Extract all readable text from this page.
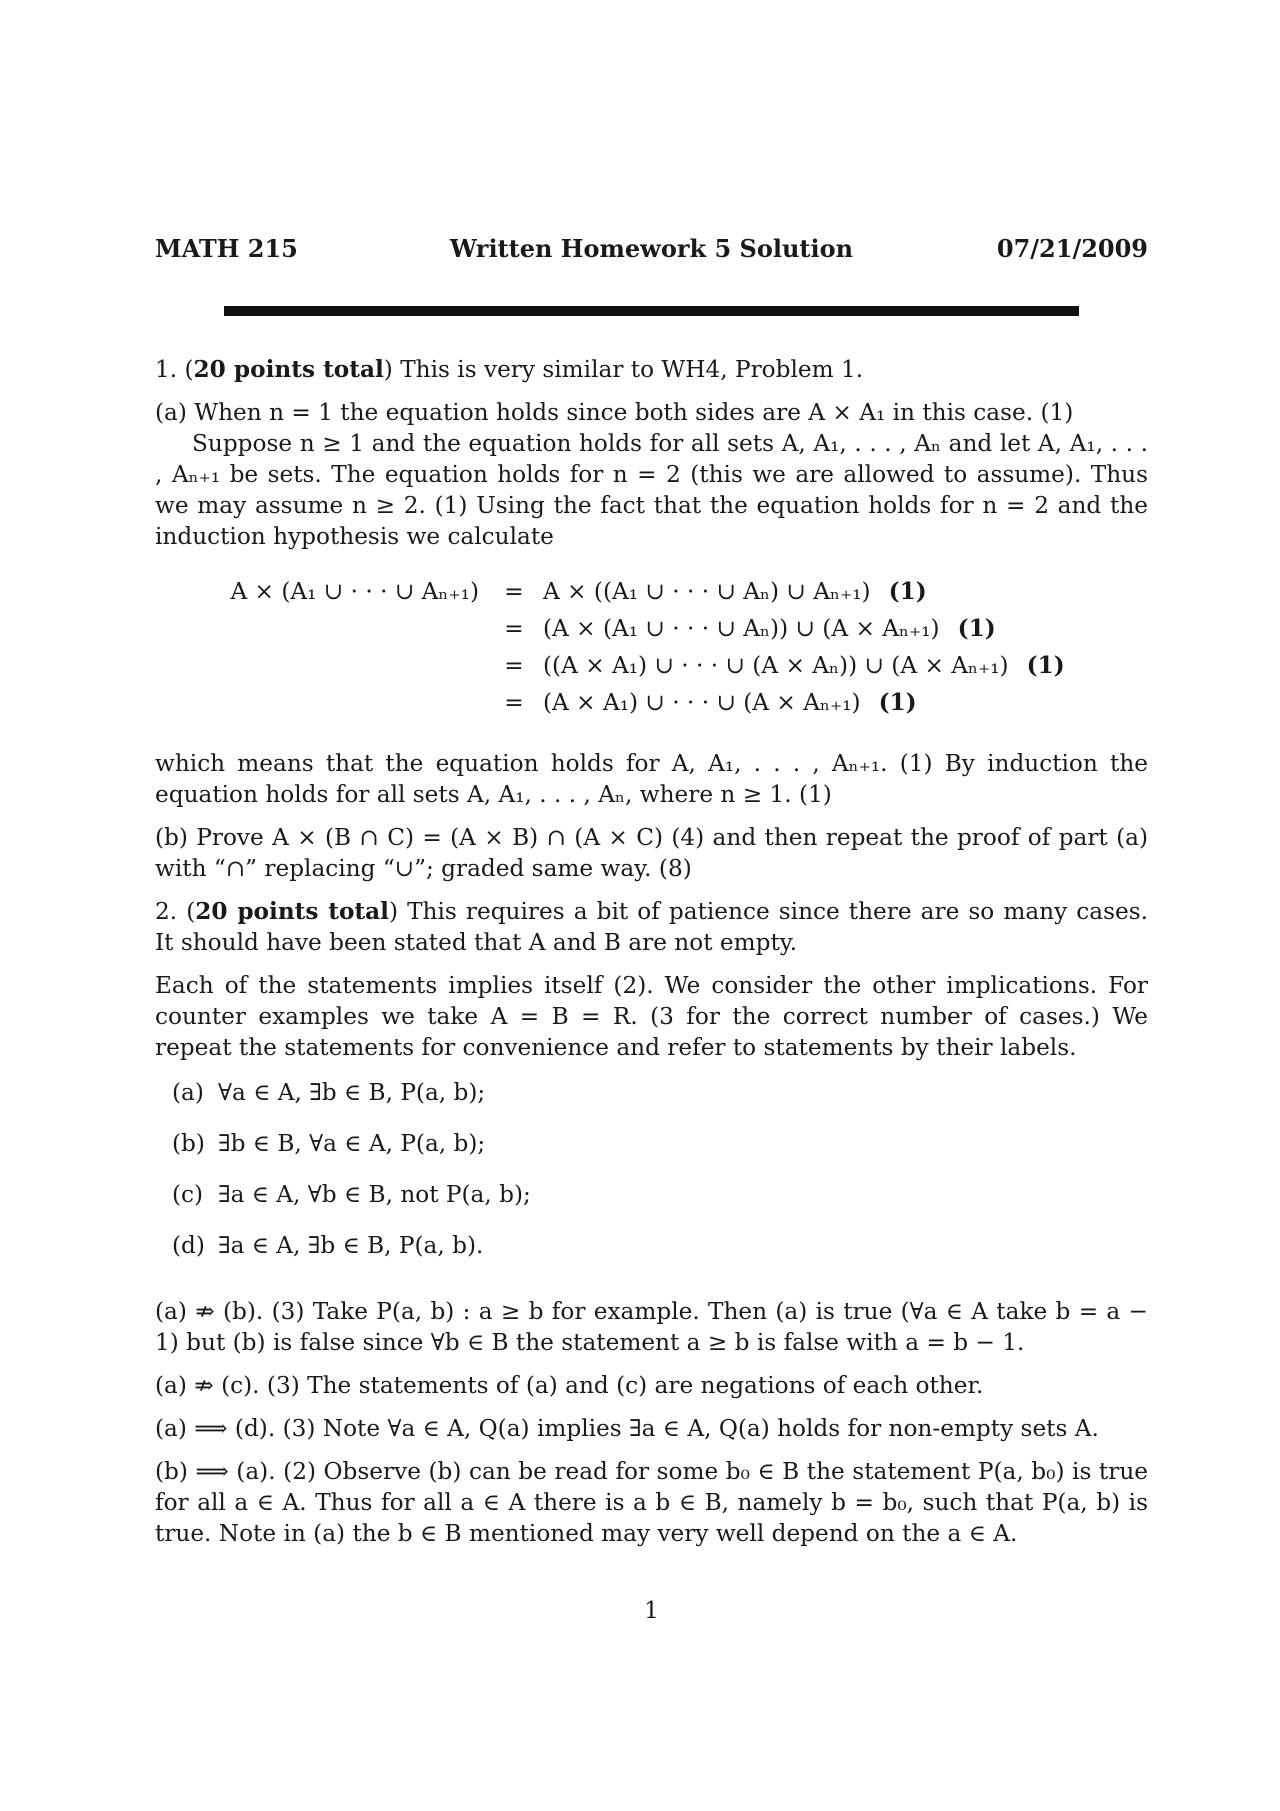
MATH 215	Written Homework 5 Solution	07/21/2009

1. (20 points total) This is very similar to WH4, Problem 1.

(a) When n = 1 the equation holds since both sides are A × A₁ in this case. (1)

Suppose n ≥ 1 and the equation holds for all sets A, A₁, . . . , Aₙ and let A, A₁, . . . , Aₙ₊₁ be sets. The equation holds for n = 2 (this we are allowed to assume). Thus we may assume n ≥ 2. (1) Using the fact that the equation holds for n = 2 and the induction hypothesis we calculate

A × (A₁ ∪ · · · ∪ Aₙ₊₁)	= A × ((A₁ ∪ · · · ∪ Aₙ) ∪ Aₙ₊₁) (1)
= (A × (A₁ ∪ · · · ∪ Aₙ)) ∪ (A × Aₙ₊₁) (1)
= ((A × A₁) ∪ · · · ∪ (A × Aₙ)) ∪ (A × Aₙ₊₁) (1)
= (A × A₁) ∪ · · · ∪ (A × Aₙ₊₁) (1)

which means that the equation holds for A, A₁, . . . , Aₙ₊₁. (1) By induction the equation holds for all sets A, A₁, . . . , Aₙ, where n ≥ 1. (1)

(b) Prove A × (B ∩ C) = (A × B) ∩ (A × C) (4) and then repeat the proof of part (a) with “∩” replacing “∪”; graded same way. (8)

2. (20 points total) This requires a bit of patience since there are so many cases. It should have been stated that A and B are not empty.

Each of the statements implies itself (2). We consider the other implications. For counter examples we take A = B = R. (3 for the correct number of cases.) We repeat the statements for convenience and refer to statements by their labels.

(a) ∀a ∈ A, ∃b ∈ B, P(a, b);
(b) ∃b ∈ B, ∀a ∈ A, P(a, b);
(c) ∃a ∈ A, ∀b ∈ B, not P(a, b);
(d) ∃a ∈ A, ∃b ∈ B, P(a, b).

(a) ⇏ (b). (3) Take P(a, b) : a ≥ b for example. Then (a) is true (∀a ∈ A take b = a − 1) but (b) is false since ∀b ∈ B the statement a ≥ b is false with a = b − 1.

(a) ⇏ (c). (3) The statements of (a) and (c) are negations of each other.

(a) ⟹ (d). (3) Note ∀a ∈ A, Q(a) implies ∃a ∈ A, Q(a) holds for non-empty sets A.

(b) ⟹ (a). (2) Observe (b) can be read for some b₀ ∈ B the statement P(a, b₀) is true for all a ∈ A. Thus for all a ∈ A there is a b ∈ B, namely b = b₀, such that P(a, b) is true. Note in (a) the b ∈ B mentioned may very well depend on the a ∈ A.

1
